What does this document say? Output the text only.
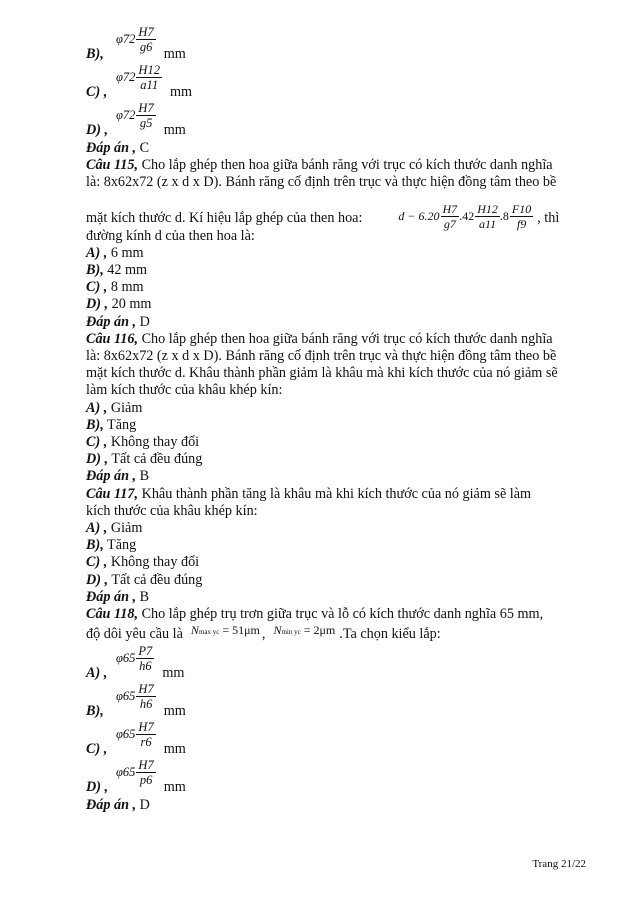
B),
$\varphi 72 \frac{H7}{g6}$ mm
C) ,
$\varphi 72 \frac{H12}{a11}$ mm
D) ,
$\varphi 72 \frac{H7}{g5}$ mm
Đáp án , C
Câu 115, Cho lắp ghép then hoa giữa bánh răng với trục có kích thước danh nghĩa
là: 8x62x72 (z x d x D). Bánh răng cố định trên trục và thực hiện đồng tâm theo bề
mặt kích thước d. Kí hiệu lắp ghép của then hoa:	$d - 6.20 \frac{H7}{g7} .42 \frac{H12}{a11} .8 \frac{F10}{f9}$ , thì
đường kính d của then hoa là:
A) , 6 mm
B), 42 mm
C) , 8 mm
D) , 20 mm
Đáp án , D
Câu 116, Cho lắp ghép then hoa giữa bánh răng với trục có kích thước danh nghĩa
là: 8x62x72 (z x d x D). Bánh răng cố định trên trục và thực hiện đồng tâm theo bề
mặt kích thước d. Khâu thành phần giảm là khâu mà khi kích thước của nó giảm sẽ
làm kích thước của khâu khép kín:
A) , Giảm
B), Tăng
C) , Không thay đổi
D) , Tất cả đều đúng
Đáp án , B
Câu 117, Khâu thành phần tăng là khâu mà khi kích thước của nó giảm sẽ làm
kích thước của khâu khép kín:
A) , Giảm
B), Tăng
C) , Không thay đổi
D) , Tất cả đều đúng
Đáp án , B
Câu 118, Cho lắp ghép trụ trơn giữa trục và lỗ có kích thước danh nghĩa 65 mm,
độ dôi yêu cầu là N max yc
= 51μm , N min yc
= 2μm .Ta chọn kiểu lắp:
A) ,
$\varphi 65 \frac{P7}{h6}$ mm
B),
$\varphi 65 \frac{H7}{h6}$ mm
C) ,
$\varphi 65 \frac{H7}{r6}$ mm
D) ,
$\varphi 65 \frac{H7}{p6}$ mm
Đáp án , D
Trang 21/22
